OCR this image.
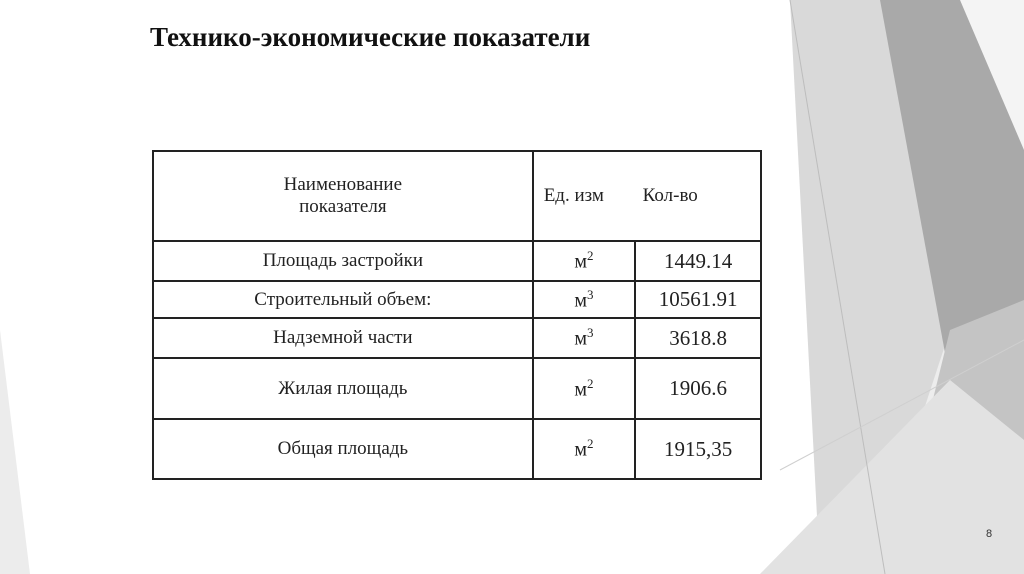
Технико-экономические показатели
Наименование показателя	Ед. изм Кол-во	
Площадь застройки	$м^2$	1449.14
Строительный объем:	$м^3$	10561.91
Надземной части	$м^3$	3618.8
Жилая площадь	$м^2$	1906.6
Общая площадь	$м^2$	1915,35
8
